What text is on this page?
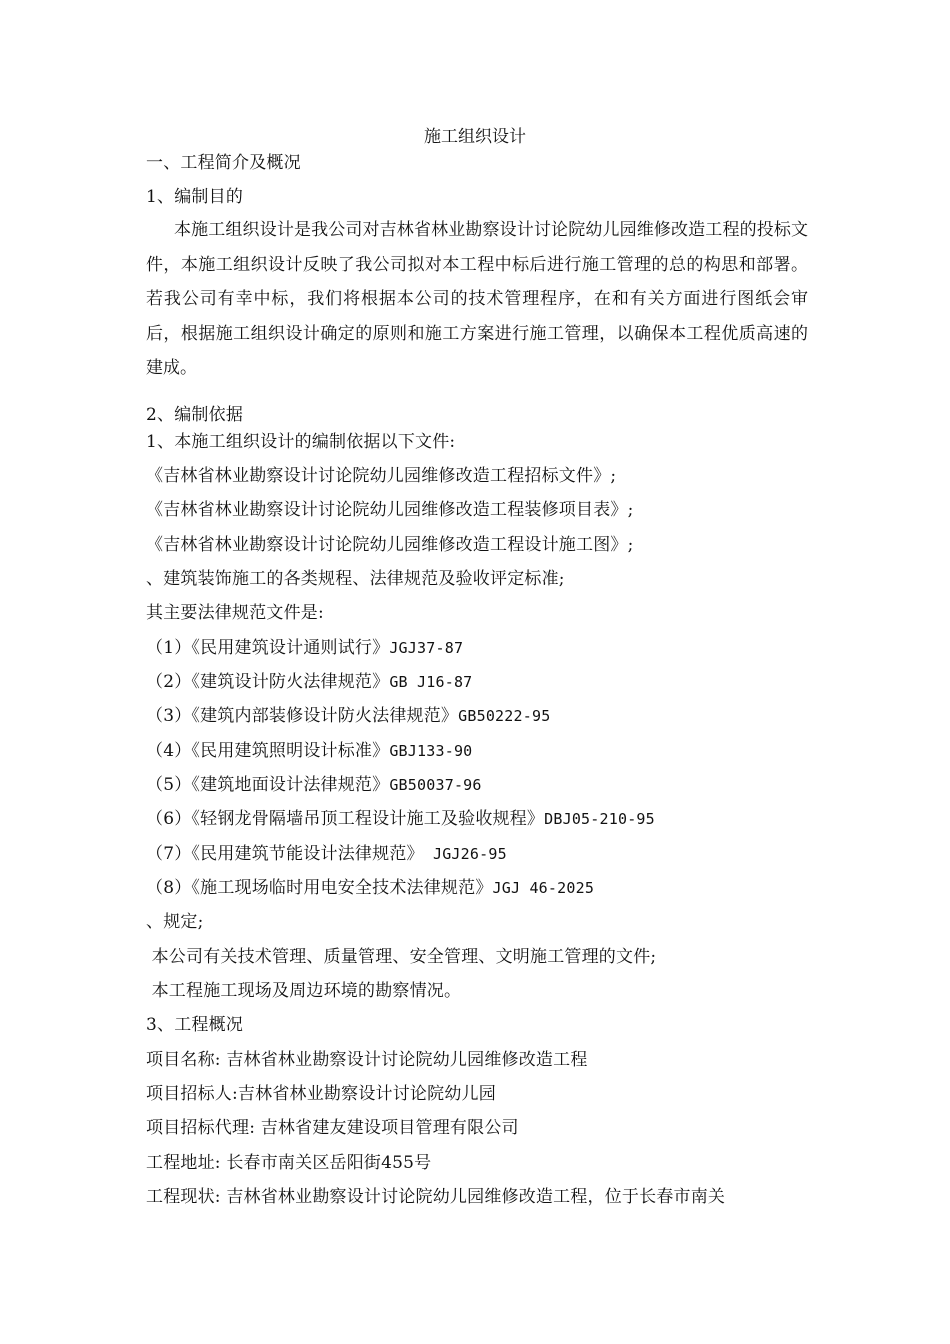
施工组织设计
一、工程简介及概况
1、编制目的
本施工组织设计是我公司对吉林省林业勘察设计讨论院幼儿园维修改造工程的投标文件，本施工组织设计反映了我公司拟对本工程中标后进行施工管理的总的构思和部署。若我公司有幸中标，我们将根据本公司的技术管理程序，在和有关方面进行图纸会审后，根据施工组织设计确定的原则和施工方案进行施工管理，以确保本工程优质高速的建成。
2、编制依据
1、本施工组织设计的编制依据以下文件:
《吉林省林业勘察设计讨论院幼儿园维修改造工程招标文件》;
《吉林省林业勘察设计讨论院幼儿园维修改造工程装修项目表》;
《吉林省林业勘察设计讨论院幼儿园维修改造工程设计施工图》;
、建筑装饰施工的各类规程、法律规范及验收评定标准;
其主要法律规范文件是:
（1）《民用建筑设计通则试行》JGJ37-87
（2）《建筑设计防火法律规范》GB J16-87
（3）《建筑内部装修设计防火法律规范》GB50222-95
（4）《民用建筑照明设计标准》GBJ133-90
（5）《建筑地面设计法律规范》GB50037-96
（6）《轻钢龙骨隔墙吊顶工程设计施工及验收规程》DBJ05-210-95
（7）《民用建筑节能设计法律规范》 JGJ26-95
（8）《施工现场临时用电安全技术法律规范》JGJ 46-2025
、规定;
本公司有关技术管理、质量管理、安全管理、文明施工管理的文件;
本工程施工现场及周边环境的勘察情况。
3、工程概况
项目名称: 吉林省林业勘察设计讨论院幼儿园维修改造工程
项目招标人:吉林省林业勘察设计讨论院幼儿园
项目招标代理: 吉林省建友建设项目管理有限公司
工程地址: 长春市南关区岳阳街455号
工程现状: 吉林省林业勘察设计讨论院幼儿园维修改造工程，位于长春市南关
